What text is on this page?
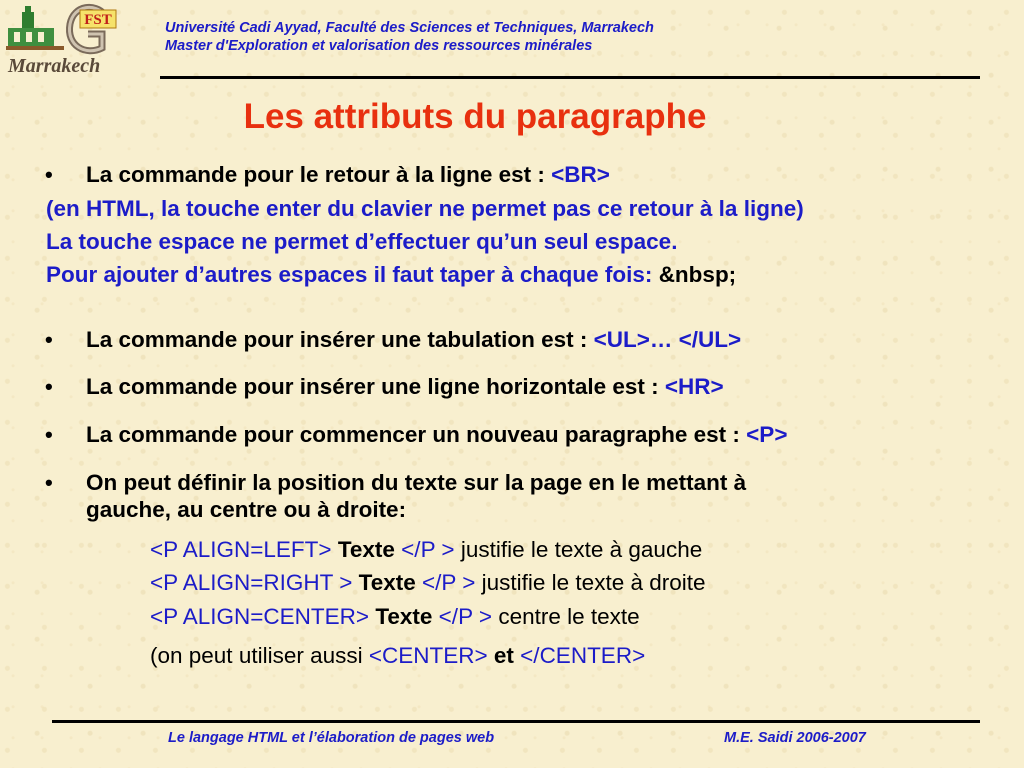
FST
Marrakech
Université Cadi Ayyad, Faculté des Sciences et Techniques, Marrakech
Master d'Exploration et valorisation des ressources minérales
Les attributs du paragraphe
• La commande pour le retour à la ligne est : <BR>
(en HTML, la touche enter du clavier ne permet pas ce retour à la ligne)
La touche espace ne permet d’effectuer qu’un seul espace.
Pour ajouter d’autres espaces il faut taper à chaque fois: &nbsp;
• La commande pour insérer une tabulation est : <UL>… </UL>
• La commande pour insérer une ligne horizontale est : <HR>
• La commande pour commencer un nouveau paragraphe est : <P>
• On peut définir la position du texte sur la page en le mettant à
gauche, au centre ou à droite:
<P ALIGN=LEFT> Texte </P > justifie le texte à gauche
<P ALIGN=RIGHT > Texte </P > justifie le texte à droite
<P ALIGN=CENTER> Texte </P > centre le texte
(on peut utiliser aussi <CENTER> et </CENTER>
Le langage HTML et l’élaboration de pages web	M.E. Saidi 2006-2007
